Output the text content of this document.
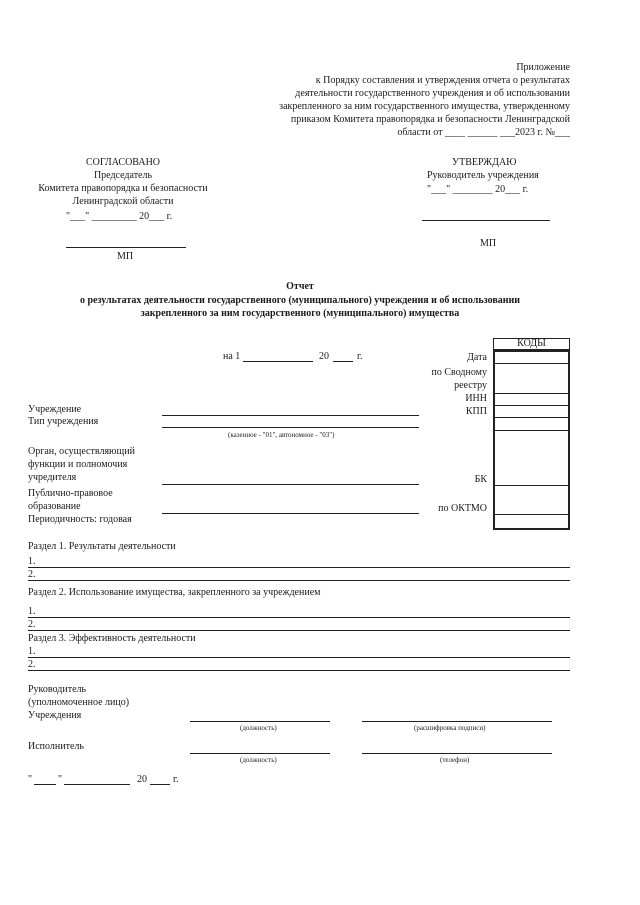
Приложение
к Порядку составления и утверждения отчета о результатах
деятельности государственного учреждения и об использовании
закрепленного за ним государственного имущества, утвержденному
приказом Комитета правопорядка и безопасности Ленинградской
области от ____ ______ ___2023 г. №___
СОГЛАСОВАНО
Председатель
Комитета правопорядка и безопасности
Ленинградской области
"___" _________ 20___ г.
МП
УТВЕРЖДАЮ
Руководитель учреждения
"___" ________ 20___ г.
МП
Отчет
о результатах деятельности государственного (муниципального) учреждения и об использовании
закрепленного за ним государственного (муниципального) имущества
на 1	20	г.
КОДЫ
Дата
по Сводному
реестру
ИНН
КПП
БК
по ОКТМО
Учреждение
Тип учреждения
(казенное - "01", автономное - "03")
Орган, осуществляющий
функции и полномочия
учредителя
Публично-правовое
образование
Периодичность: годовая
Раздел 1. Результаты деятельности
1.
2.
Раздел 2. Использование имущества, закрепленного за учреждением
1.
2.
Раздел 3. Эффективность деятельности
1.
2.
Руководитель
(уполномоченное лицо)
Учреждения
(должность)	(расшифровка подписи)
Исполнитель
(должность)	(телефон)
"	"	20	г.
